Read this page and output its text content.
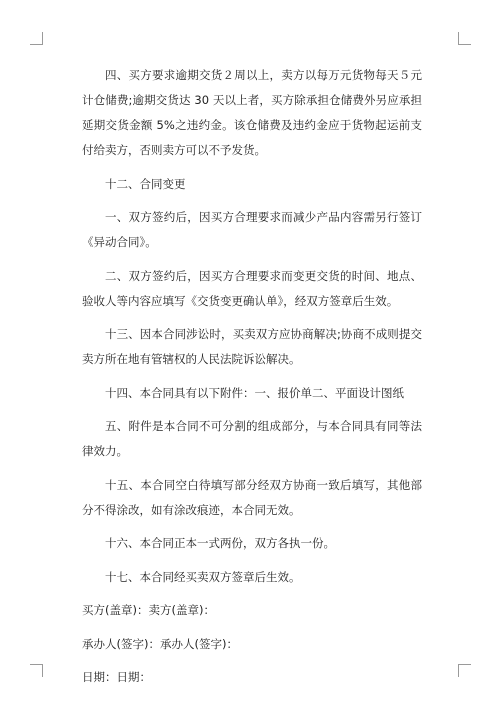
四、买方要求逾期交货２周以上，卖方以每万元货物每天５元计仓储费;逾期交货达 30 天以上者，买方除承担仓储费外另应承担延期交货金额 5%之违约金。该仓储费及违约金应于货物起运前支付给卖方，否则卖方可以不予发货。

十二、合同变更

一、双方签约后，因买方合理要求而减少产品内容需另行签订《异动合同》。

二、双方签约后，因买方合理要求而变更交货的时间、地点、验收人等内容应填写《交货变更确认单》，经双方签章后生效。

十三、因本合同涉讼时，买卖双方应协商解决;协商不成则提交卖方所在地有管辖权的人民法院诉讼解决。

十四、本合同具有以下附件：一、报价单二、平面设计图纸

五、附件是本合同不可分割的组成部分，与本合同具有同等法律效力。

十五、本合同空白待填写部分经双方协商一致后填写，其他部分不得涂改，如有涂改痕迹，本合同无效。

十六、本合同正本一式两份，双方各执一份。

十七、本合同经买卖双方签章后生效。

买方(盖章)：卖方(盖章)：

承办人(签字)：承办人(签字)：

日期：日期：
